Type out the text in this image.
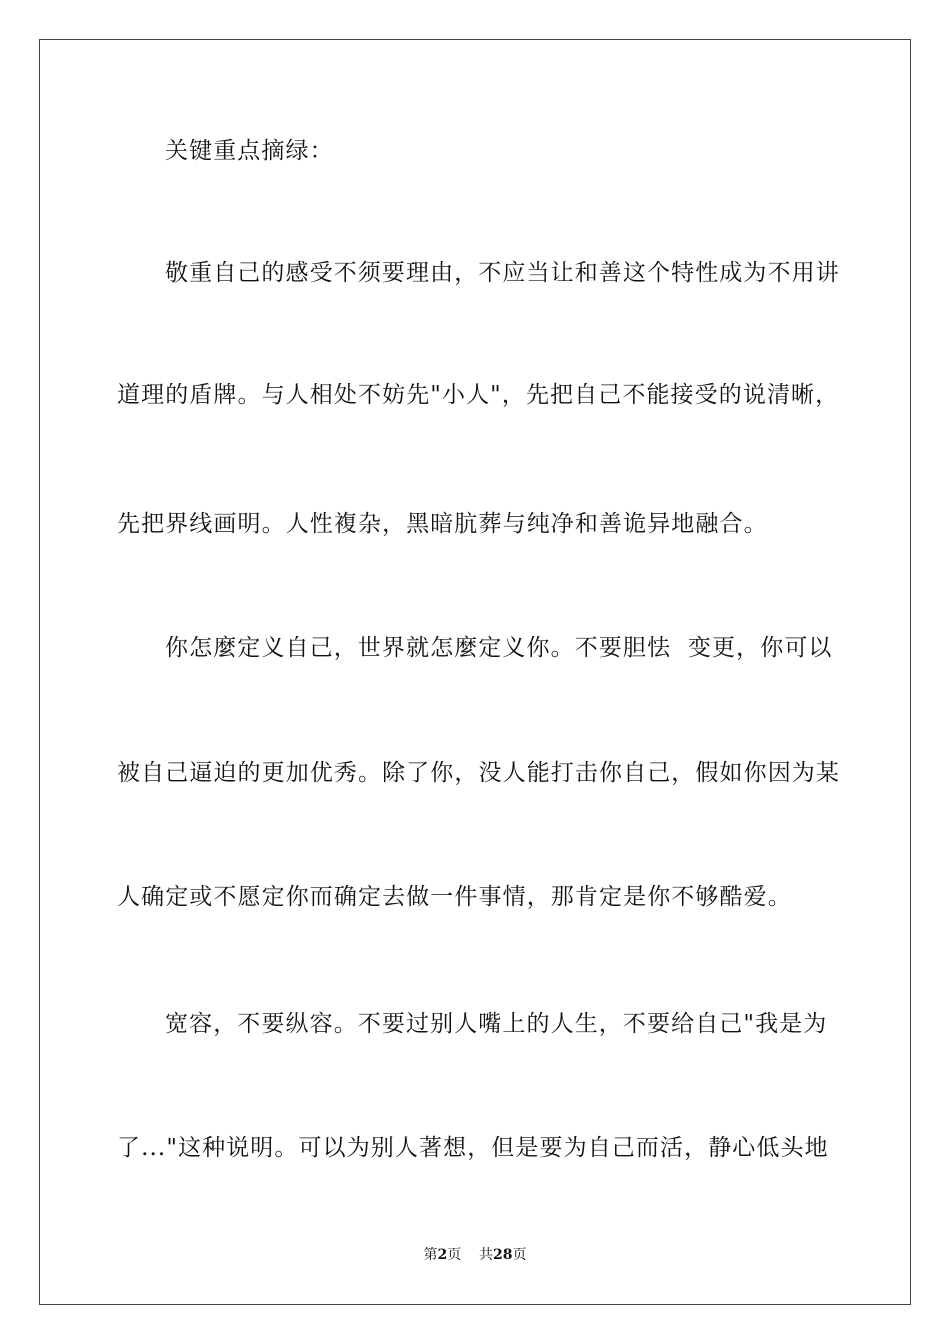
关键重点摘绿：
敬重自己的感受不须要理由，不应当让和善这个特性成为不用讲
道理的盾牌。与人相处不妨先"小人"，先把自己不能接受的说清晰，
先把界线画明。人性複杂，黑暗肮葬与纯净和善诡异地融合。
你怎麼定义自己，世界就怎麼定义你。不要胆怯  变更，你可以
被自己逼迫的更加优秀。除了你，没人能打击你自己，假如你因为某
人确定或不愿定你而确定去做一件事情，那肯定是你不够酷爱。
宽容，不要纵容。不要过别人嘴上的人生，不要给自己"我是为
了..."这种说明。可以为别人著想，但是要为自己而活，静心低头地
第2页 共28页
